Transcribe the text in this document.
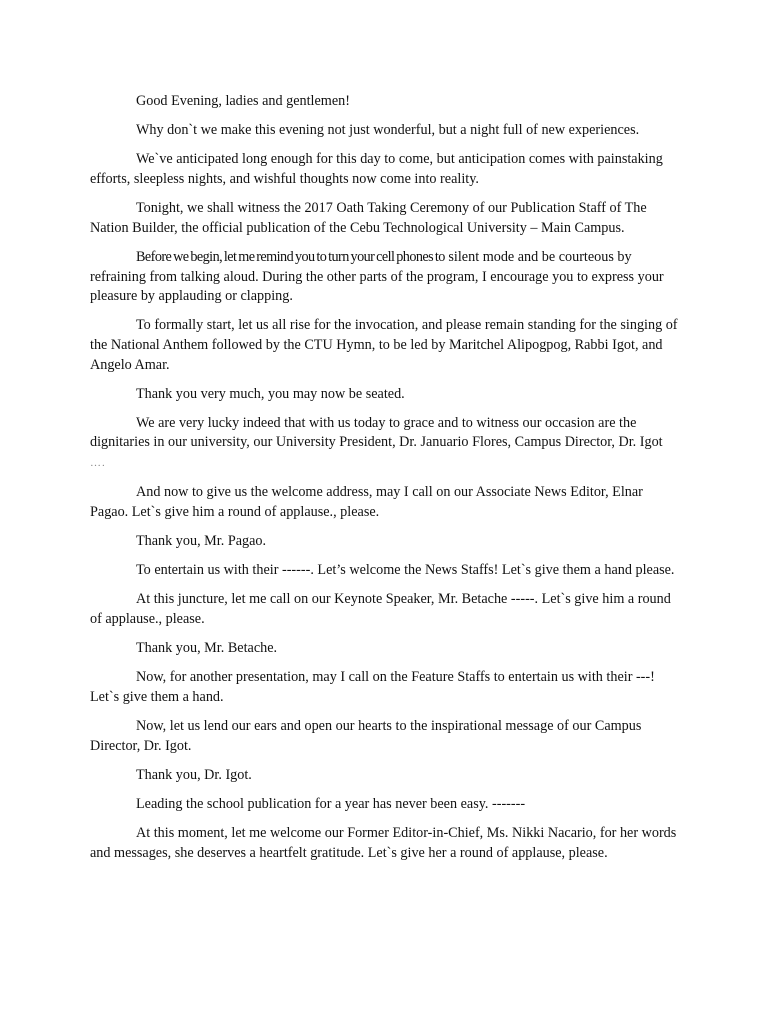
Good Evening, ladies and gentlemen!

Why don`t we make this evening not just wonderful, but a night full of new experiences.

We`ve anticipated long enough for this day to come, but anticipation comes with painstaking efforts, sleepless nights, and wishful thoughts now come into reality.

Tonight, we shall witness the 2017 Oath Taking Ceremony of our Publication Staff of The Nation Builder, the official publication of the Cebu Technological University – Main Campus.

Before we begin, let me remind you to turn your cell phones to silent mode and be courteous by refraining from talking aloud. During the other parts of the program, I encourage you to express your pleasure by applauding or clapping.

To formally start, let us all rise for the invocation, and please remain standing for the singing of the National Anthem followed by the CTU Hymn, to be led by Maritchel Alipogpog, Rabbi Igot, and Angelo Amar.

Thank you very much, you may now be seated.

We are very lucky indeed that with us today to grace and to witness our occasion are the dignitaries in our university, our University President, Dr. Januario Flores, Campus Director, Dr. Igot ….

And now to give us the welcome address, may I call on our Associate News Editor, Elnar Pagao. Let`s give him a round of applause., please.

Thank you, Mr. Pagao.

To entertain us with their ------. Let’s welcome the News Staffs! Let`s give them a hand please.

At this juncture, let me call on our Keynote Speaker, Mr. Betache -----. Let`s give him a round of applause., please.

Thank you, Mr. Betache.

Now, for another presentation, may I call on the Feature Staffs to entertain us with their ---! Let`s give them a hand.

Now, let us lend our ears and open our hearts to the inspirational message of our Campus Director, Dr. Igot.

Thank you, Dr. Igot.

Leading the school publication for a year has never been easy. -------

At this moment, let me welcome our Former Editor-in-Chief, Ms. Nikki Nacario, for her words and messages, she deserves a heartfelt gratitude. Let`s give her a round of applause, please.
